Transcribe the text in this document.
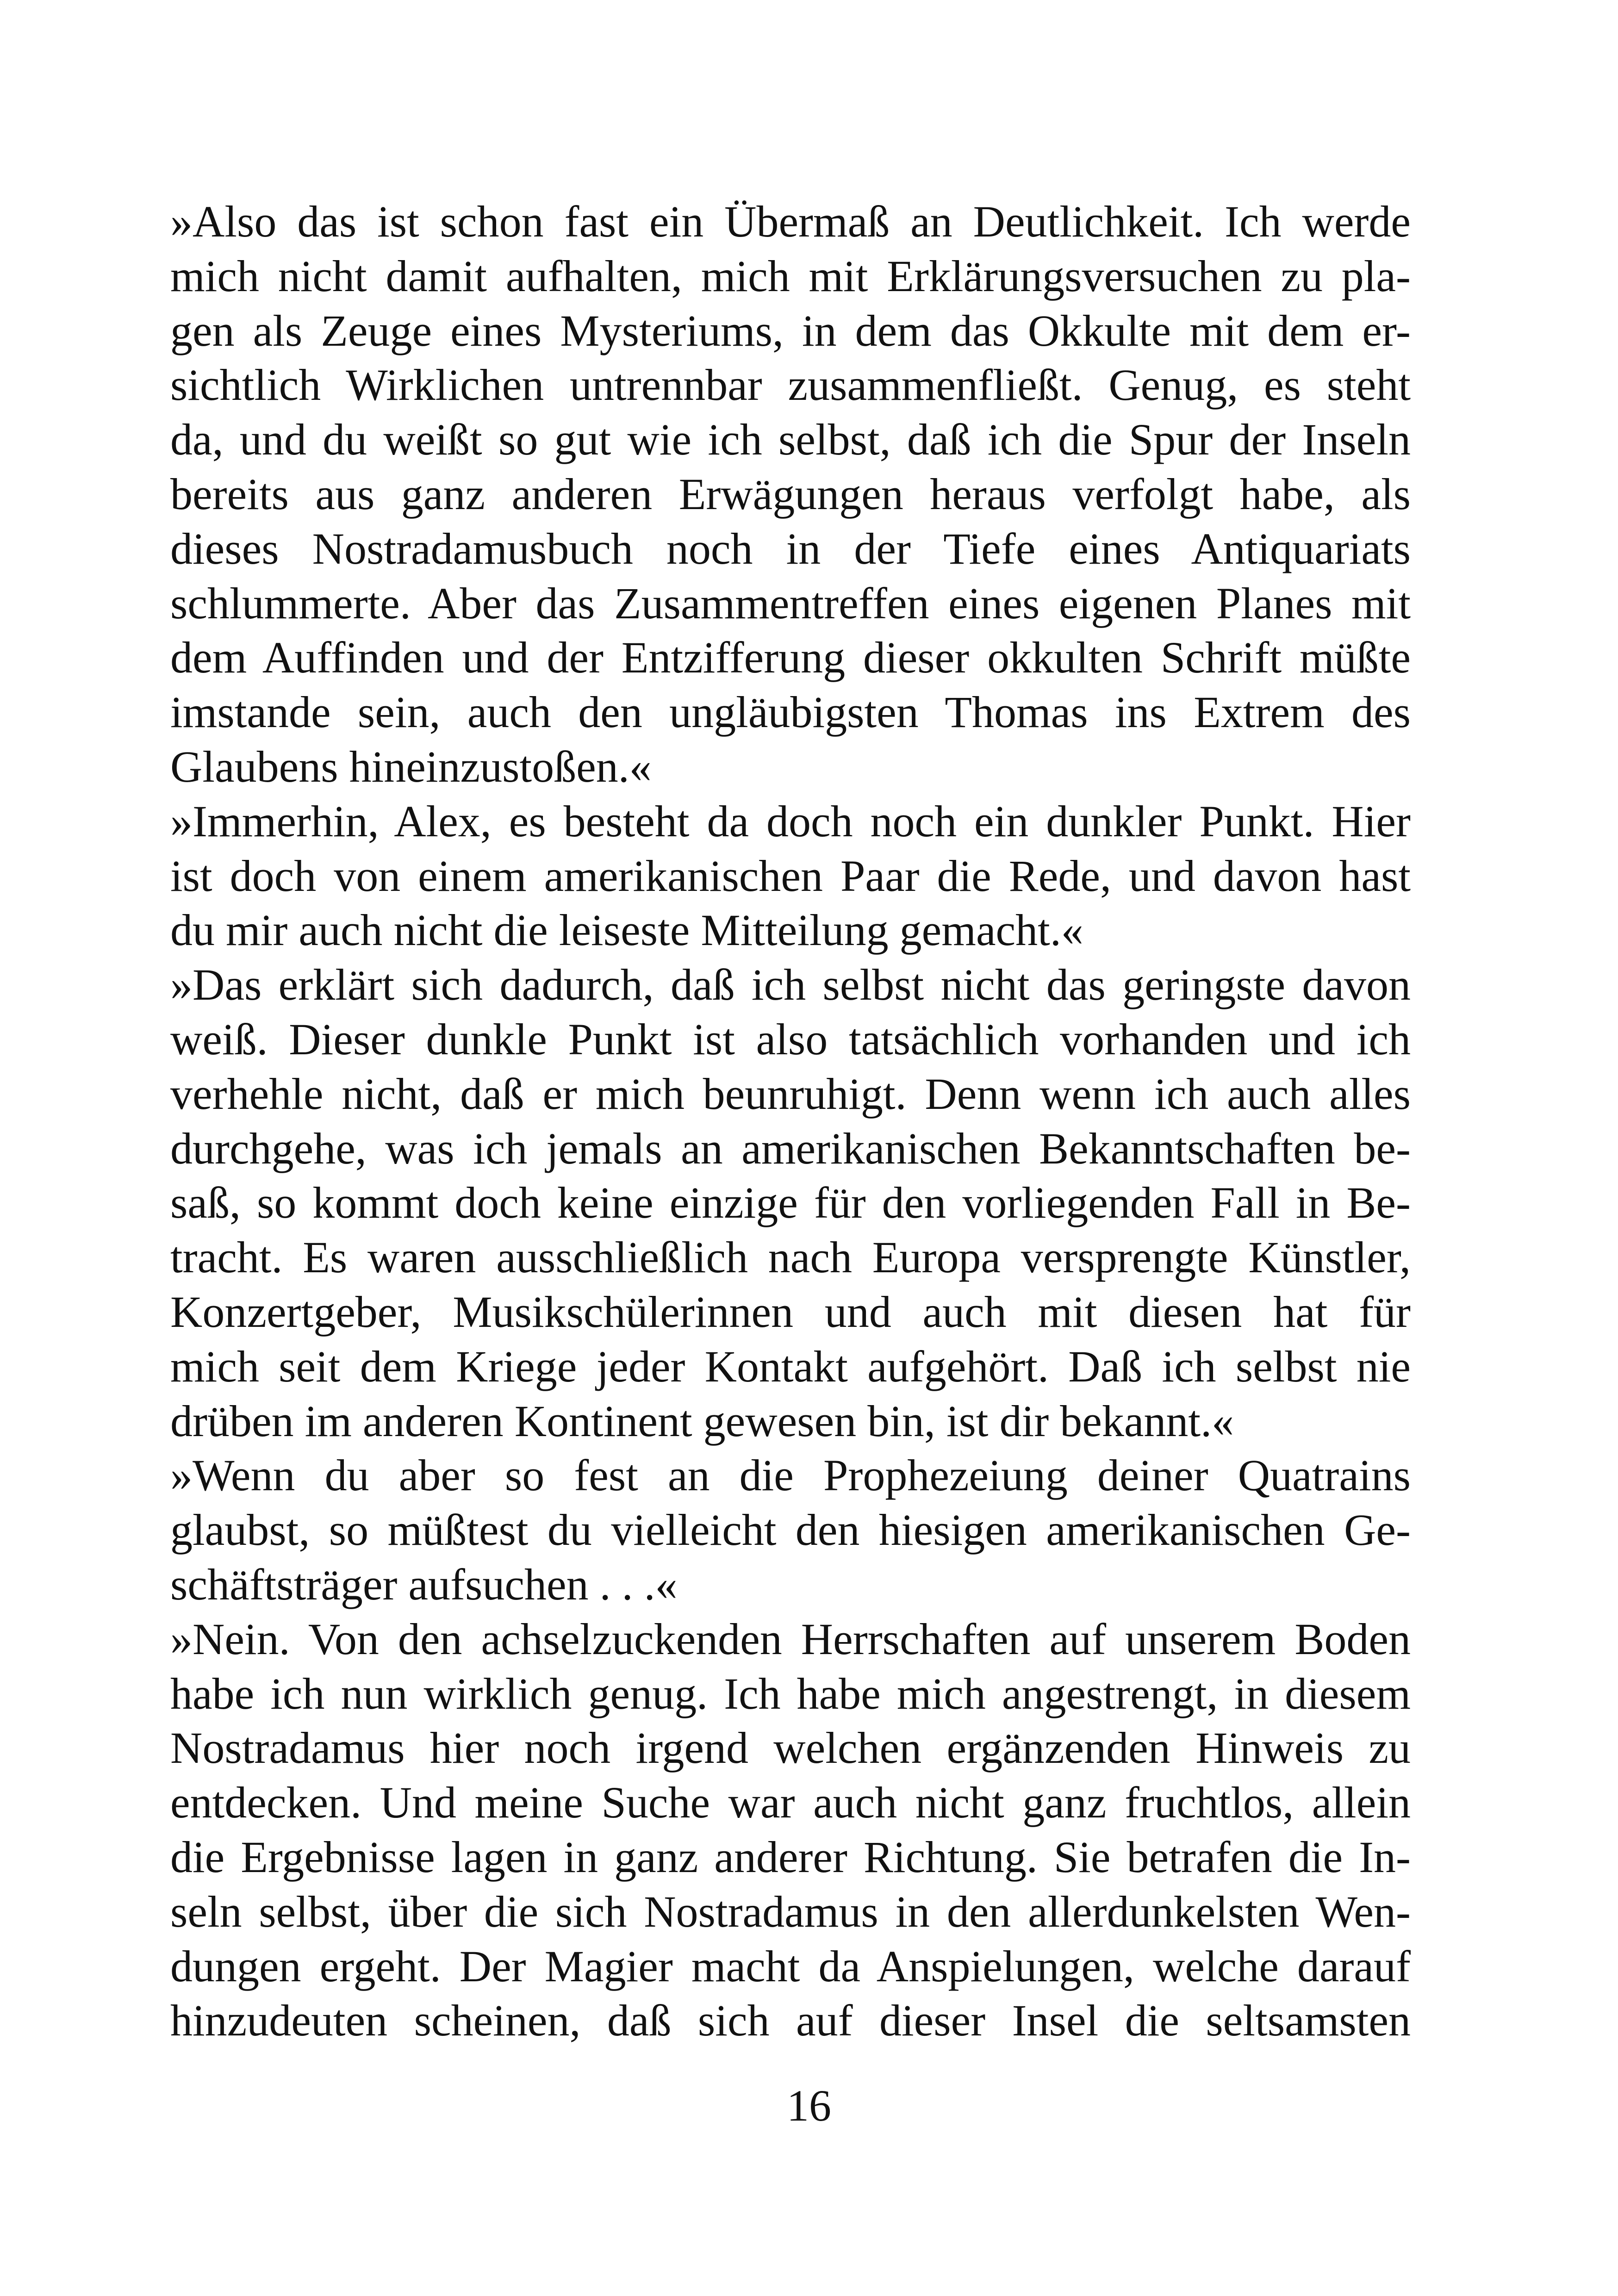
»Also das ist schon fast ein Übermaß an Deutlichkeit. Ich werde
mich nicht damit aufhalten, mich mit Erklärungsversuchen zu pla-
gen als Zeuge eines Mysteriums, in dem das Okkulte mit dem er-
sichtlich Wirklichen untrennbar zusammenfließt. Genug, es steht
da, und du weißt so gut wie ich selbst, daß ich die Spur der Inseln
bereits aus ganz anderen Erwägungen heraus verfolgt habe, als
dieses Nostradamusbuch noch in der Tiefe eines Antiquariats
schlummerte. Aber das Zusammentreffen eines eigenen Planes mit
dem Auffinden und der Entzifferung dieser okkulten Schrift müßte
imstande sein, auch den ungläubigsten Thomas ins Extrem des
Glaubens hineinzustoßen.«
»Immerhin, Alex, es besteht da doch noch ein dunkler Punkt. Hier
ist doch von einem amerikanischen Paar die Rede, und davon hast
du mir auch nicht die leiseste Mitteilung gemacht.«
»Das erklärt sich dadurch, daß ich selbst nicht das geringste davon
weiß. Dieser dunkle Punkt ist also tatsächlich vorhanden und ich
verhehle nicht, daß er mich beunruhigt. Denn wenn ich auch alles
durchgehe, was ich jemals an amerikanischen Bekanntschaften be-
saß, so kommt doch keine einzige für den vorliegenden Fall in Be-
tracht. Es waren ausschließlich nach Europa versprengte Künstler,
Konzertgeber, Musikschülerinnen und auch mit diesen hat für
mich seit dem Kriege jeder Kontakt aufgehört. Daß ich selbst nie
drüben im anderen Kontinent gewesen bin, ist dir bekannt.«
»Wenn du aber so fest an die Prophezeiung deiner Quatrains
glaubst, so müßtest du vielleicht den hiesigen amerikanischen Ge-
schäftsträger aufsuchen . . .«
»Nein. Von den achselzuckenden Herrschaften auf unserem Boden
habe ich nun wirklich genug. Ich habe mich angestrengt, in diesem
Nostradamus hier noch irgend welchen ergänzenden Hinweis zu
entdecken. Und meine Suche war auch nicht ganz fruchtlos, allein
die Ergebnisse lagen in ganz anderer Richtung. Sie betrafen die In-
seln selbst, über die sich Nostradamus in den allerdunkelsten Wen-
dungen ergeht. Der Magier macht da Anspielungen, welche darauf
hinzudeuten scheinen, daß sich auf dieser Insel die seltsamsten
16
